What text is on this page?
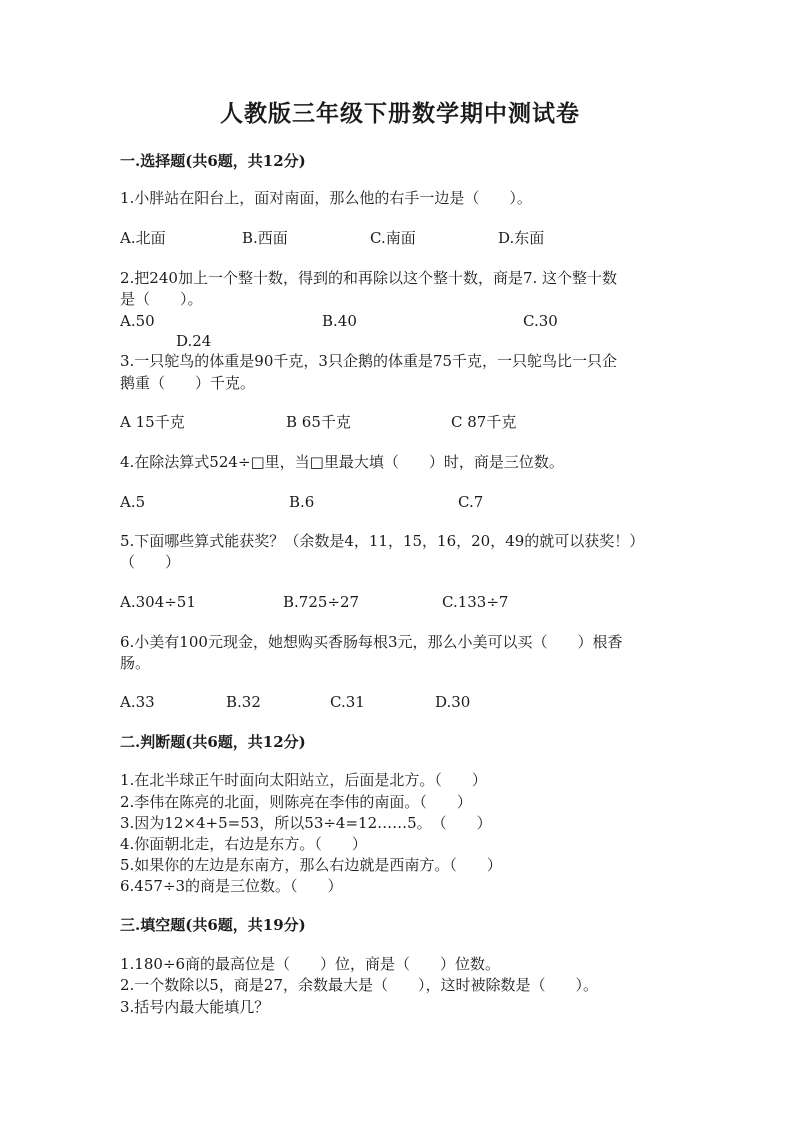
人教版三年级下册数学期中测试卷
一.选择题(共6题，共12分)
1.小胖站在阳台上，面对南面，那么他的右手一边是（　　）。
A.北面	B.西面	C.南面	D.东面
2.把240加上一个整十数，得到的和再除以这个整十数，商是7. 这个整十数
是（　　）。
A.50	B.40	C.30
D.24
3.一只鸵鸟的体重是90千克，3只企鹅的体重是75千克，一只鸵鸟比一只企
鹅重（　　）千克。
A 15千克	B 65千克	C 87千克
4.在除法算式524÷□里，当□里最大填（　　）时，商是三位数。
A.5	B.6	C.7
5.下面哪些算式能获奖？（余数是4，11，15，16，20，49的就可以获奖！）
（　　）
A.304÷51	B.725÷27	C.133÷7
6.小美有100元现金，她想购买香肠每根3元，那么小美可以买（　　）根香
肠。
A.33	B.32	C.31	D.30
二.判断题(共6题，共12分)
1.在北半球正午时面向太阳站立，后面是北方。（　　）
2.李伟在陈亮的北面，则陈亮在李伟的南面。（　　）
3.因为12×4+5=53，所以53÷4=12……5。　（　　）
4.你面朝北走，右边是东方。（　　）
5.如果你的左边是东南方，那么右边就是西南方。（　　）
6.457÷3的商是三位数。（　　）
三.填空题(共6题，共19分)
1.180÷6商的最高位是（　　）位，商是（　　）位数。
2.一个数除以5，商是27，余数最大是（　　），这时被除数是（　　）。
3.括号内最大能填几？
